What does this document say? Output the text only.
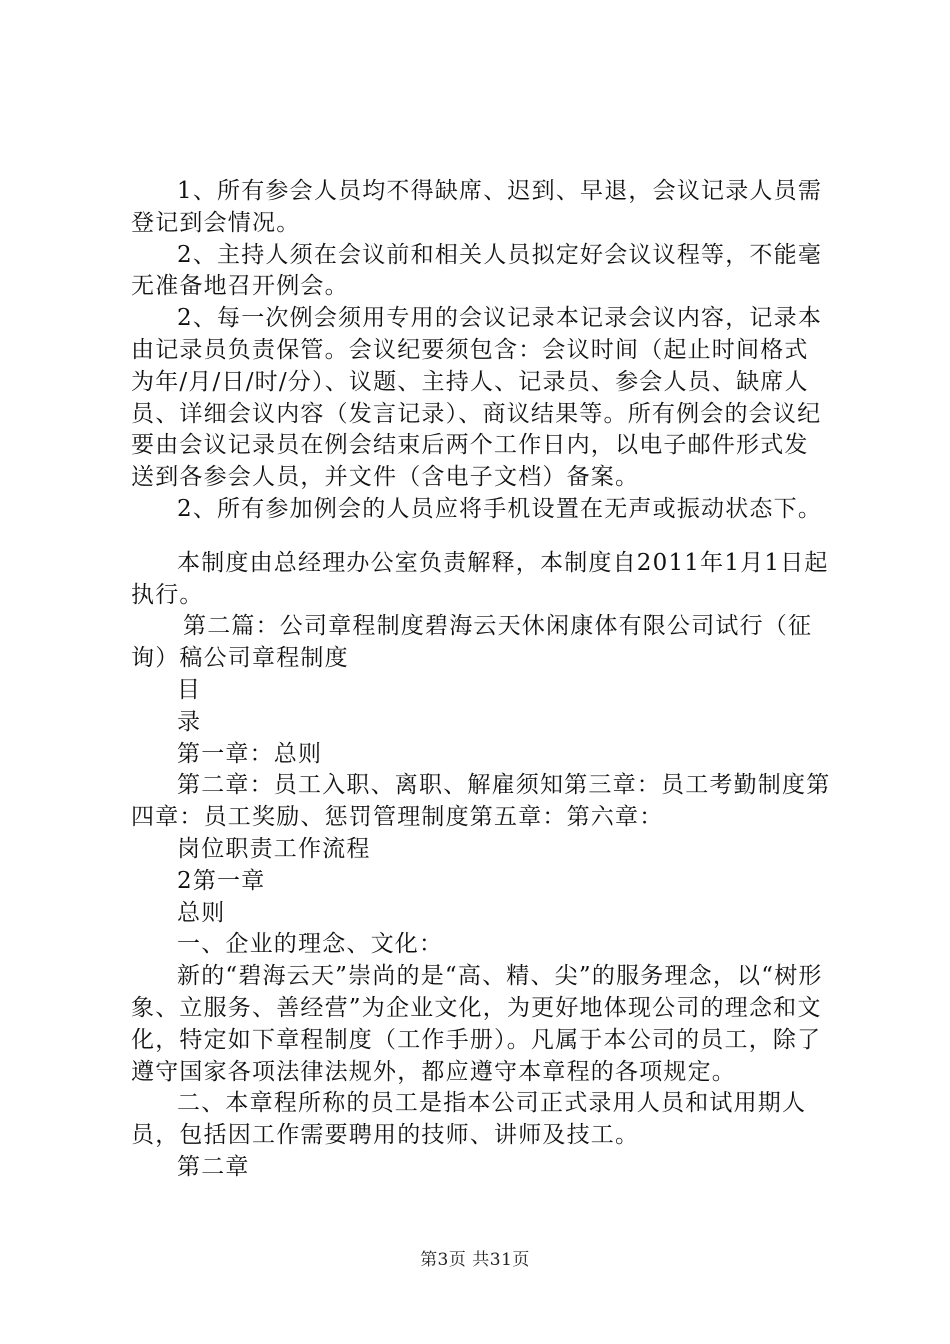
1、所有参会人员均不得缺席、迟到、早退，会议记录人员需登记到会情况。

2、主持人须在会议前和相关人员拟定好会议议程等，不能毫无准备地召开例会。

2、每一次例会须用专用的会议记录本记录会议内容，记录本由记录员负责保管。会议纪要须包含：会议时间（起止时间格式为年/月/日/时/分）、议题、主持人、记录员、参会人员、缺席人员、详细会议内容（发言记录）、商议结果等。所有例会的会议纪要由会议记录员在例会结束后两个工作日内，以电子邮件形式发送到各参会人员，并文件（含电子文档）备案。

2、所有参加例会的人员应将手机设置在无声或振动状态下。

本制度由总经理办公室负责解释，本制度自2011年1月1日起执行。

第二篇：公司章程制度碧海云天休闲康体有限公司试行（征询）稿公司章程制度

目

录

第一章：总则

第二章：员工入职、离职、解雇须知第三章：员工考勤制度第四章：员工奖励、惩罚管理制度第五章：第六章：

岗位职责工作流程

2第一章

总则

一、企业的理念、文化：

新的“碧海云天”崇尚的是“高、精、尖”的服务理念，以“树形象、立服务、善经营”为企业文化，为更好地体现公司的理念和文化，特定如下章程制度（工作手册）。凡属于本公司的员工，除了遵守国家各项法律法规外，都应遵守本章程的各项规定。

二、本章程所称的员工是指本公司正式录用人员和试用期人员，包括因工作需要聘用的技师、讲师及技工。

第二章

第3页 共31页
